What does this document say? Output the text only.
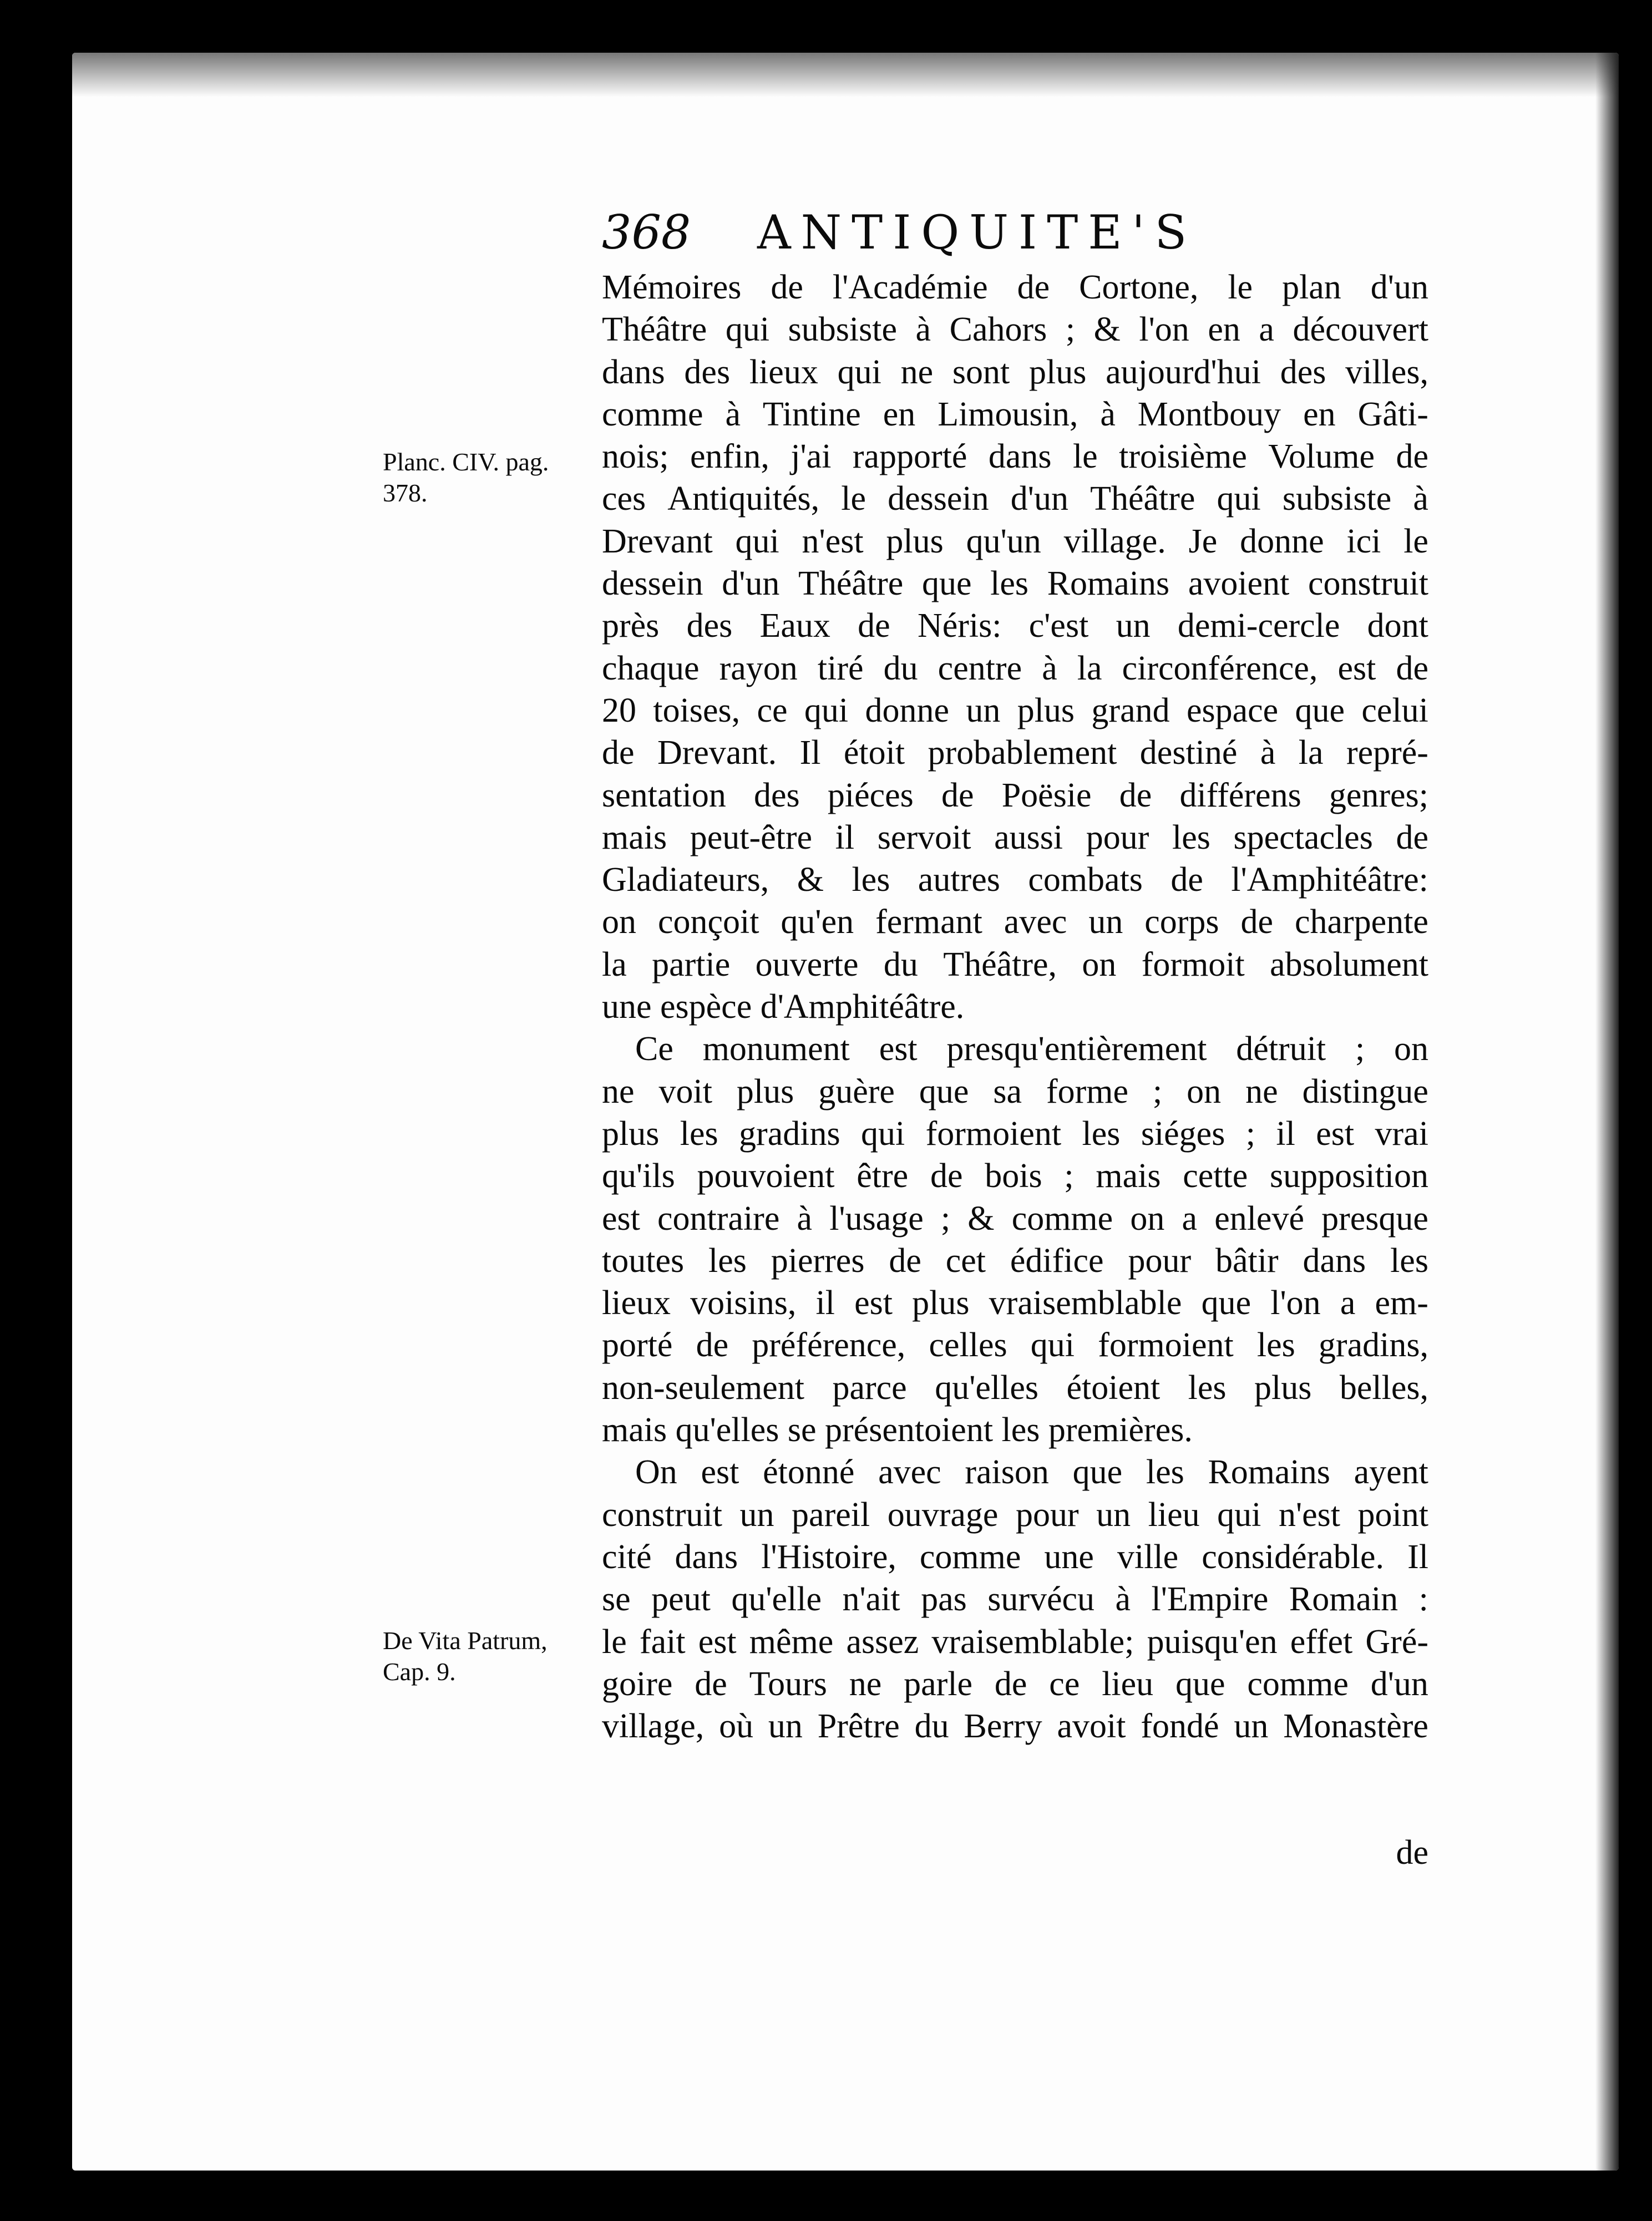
368 ANTIQUITE'S
Planc. CIV. pag.
378.
De Vita Patrum,
Cap. 9.
Mémoires de l'Académie de Cortone, le plan d'un
Théâtre qui subsiste à Cahors ; & l'on en a découvert
dans des lieux qui ne sont plus aujourd'hui des villes,
comme à Tintine en Limousin, à Montbouy en Gâti-
nois; enfin, j'ai rapporté dans le troisième Volume de
ces Antiquités, le dessein d'un Théâtre qui subsiste à
Drevant qui n'est plus qu'un village. Je donne ici le
dessein d'un Théâtre que les Romains avoient construit
près des Eaux de Néris: c'est un demi-cercle dont
chaque rayon tiré du centre à la circonférence, est de
20 toises, ce qui donne un plus grand espace que celui
de Drevant. Il étoit probablement destiné à la repré-
sentation des piéces de Poësie de différens genres;
mais peut-être il servoit aussi pour les spectacles de
Gladiateurs, & les autres combats de l'Amphitéâtre:
on conçoit qu'en fermant avec un corps de charpente
la partie ouverte du Théâtre, on formoit absolument
une espèce d'Amphitéâtre.
Ce monument est presqu'entièrement détruit ; on
ne voit plus guère que sa forme ; on ne distingue
plus les gradins qui formoient les siéges ; il est vrai
qu'ils pouvoient être de bois ; mais cette supposition
est contraire à l'usage ; & comme on a enlevé presque
toutes les pierres de cet édifice pour bâtir dans les
lieux voisins, il est plus vraisemblable que l'on a em-
porté de préférence, celles qui formoient les gradins,
non-seulement parce qu'elles étoient les plus belles,
mais qu'elles se présentoient les premières.
On est étonné avec raison que les Romains ayent
construit un pareil ouvrage pour un lieu qui n'est point
cité dans l'Histoire, comme une ville considérable. Il
se peut qu'elle n'ait pas survécu à l'Empire Romain :
le fait est même assez vraisemblable; puisqu'en effet Gré-
goire de Tours ne parle de ce lieu que comme d'un
village, où un Prêtre du Berry avoit fondé un Monastère
de
